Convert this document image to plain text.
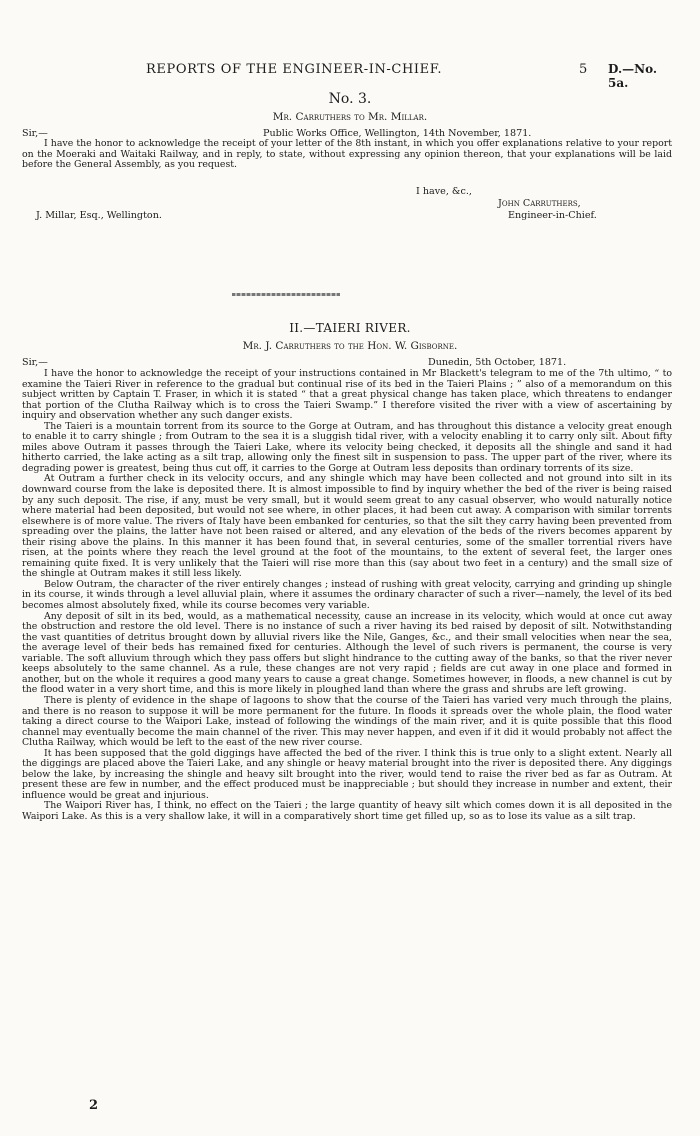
REPORTS OF THE ENGINEER-IN-CHIEF.	5 D.—No. 5a.
No. 3.
Mr. Carruthers to Mr. Millar.
Sir,—	Public Works Office, Wellington, 14th November, 1871.

I have the honor to acknowledge the receipt of your letter of the 8th instant, in which you offer explanations relative to your report on the Moeraki and Waitaki Railway, and in reply, to state, without expressing any opinion thereon, that your explanations will be laid before the General Assembly, as you request.

I have, &c.,
John Carruthers,
J. Millar, Esq., Wellington.	Engineer-in-Chief.
II.—TAIERI RIVER.
Mr. J. Carruthers to the Hon. W. Gisborne.
Sir,—	Dunedin, 5th October, 1871.

I have the honor to acknowledge the receipt of your instructions contained in Mr Blackett's telegram to me of the 7th ultimo, “ to examine the Taieri River in reference to the gradual but continual rise of its bed in the Taieri Plains ; ” also of a memorandum on this subject written by Captain T. Fraser, in which it is stated “ that a great physical change has taken place, which threatens to endanger that portion of the Clutha Railway which is to cross the Taieri Swamp.” I therefore visited the river with a view of ascertaining by inquiry and observation whether any such danger exists.

The Taieri is a mountain torrent from its source to the Gorge at Outram, and has throughout this distance a velocity great enough to enable it to carry shingle ; from Outram to the sea it is a sluggish tidal river, with a velocity enabling it to carry only silt. About fifty miles above Outram it passes through the Taieri Lake, where its velocity being checked, it deposits all the shingle and sand it had hitherto carried, the lake acting as a silt trap, allowing only the finest silt in suspension to pass. The upper part of the river, where its degrading power is greatest, being thus cut off, it carries to the Gorge at Outram less deposits than ordinary torrents of its size.

At Outram a further check in its velocity occurs, and any shingle which may have been collected and not ground into silt in its downward course from the lake is deposited there. It is almost impossible to find by inquiry whether the bed of the river is being raised by any such deposit. The rise, if any, must be very small, but it would seem great to any casual observer, who would naturally notice where material had been deposited, but would not see where, in other places, it had been cut away. A comparison with similar torrents elsewhere is of more value. The rivers of Italy have been embanked for centuries, so that the silt they carry having been prevented from spreading over the plains, the latter have not been raised or altered, and any elevation of the beds of the rivers becomes apparent by their rising above the plains. In this manner it has been found that, in several centuries, some of the smaller torrential rivers have risen, at the points where they reach the level ground at the foot of the mountains, to the extent of several feet, the larger ones remaining quite fixed. It is very unlikely that the Taieri will rise more than this (say about two feet in a century) and the small size of the shingle at Outram makes it still less likely.

Below Outram, the character of the river entirely changes ; instead of rushing with great velocity, carrying and grinding up shingle in its course, it winds through a level alluvial plain, where it assumes the ordinary character of such a river—namely, the level of its bed becomes almost absolutely fixed, while its course becomes very variable.

Any deposit of silt in its bed, would, as a mathematical necessity, cause an increase in its velocity, which would at once cut away the obstruction and restore the old level. There is no instance of such a river having its bed raised by deposit of silt. Notwithstanding the vast quantities of detritus brought down by alluvial rivers like the Nile, Ganges, &c., and their small velocities when near the sea, the average level of their beds has remained fixed for centuries. Although the level of such rivers is permanent, the course is very variable. The soft alluvium through which they pass offers but slight hindrance to the cutting away of the banks, so that the river never keeps absolutely to the same channel. As a rule, these changes are not very rapid ; fields are cut away in one place and formed in another, but on the whole it requires a good many years to cause a great change. Sometimes however, in floods, a new channel is cut by the flood water in a very short time, and this is more likely in ploughed land than where the grass and shrubs are left growing.

There is plenty of evidence in the shape of lagoons to show that the course of the Taieri has varied very much through the plains, and there is no reason to suppose it will be more permanent for the future. In floods it spreads over the whole plain, the flood water taking a direct course to the Waipori Lake, instead of following the windings of the main river, and it is quite possible that this flood channel may eventually become the main channel of the river. This may never happen, and even if it did it would probably not affect the Clutha Railway, which would be left to the east of the new river course.

It has been supposed that the gold diggings have affected the bed of the river. I think this is true only to a slight extent. Nearly all the diggings are placed above the Taieri Lake, and any shingle or heavy material brought into the river is deposited there. Any diggings below the lake, by increasing the shingle and heavy silt brought into the river, would tend to raise the river bed as far as Outram. At present these are few in number, and the effect produced must be inappreciable ; but should they increase in number and extent, their influence would be great and injurious.

The Waipori River has, I think, no effect on the Taieri ; the large quantity of heavy silt which comes down it is all deposited in the Waipori Lake. As this is a very shallow lake, it will in a comparatively short time get filled up, so as to lose its value as a silt trap.

2
